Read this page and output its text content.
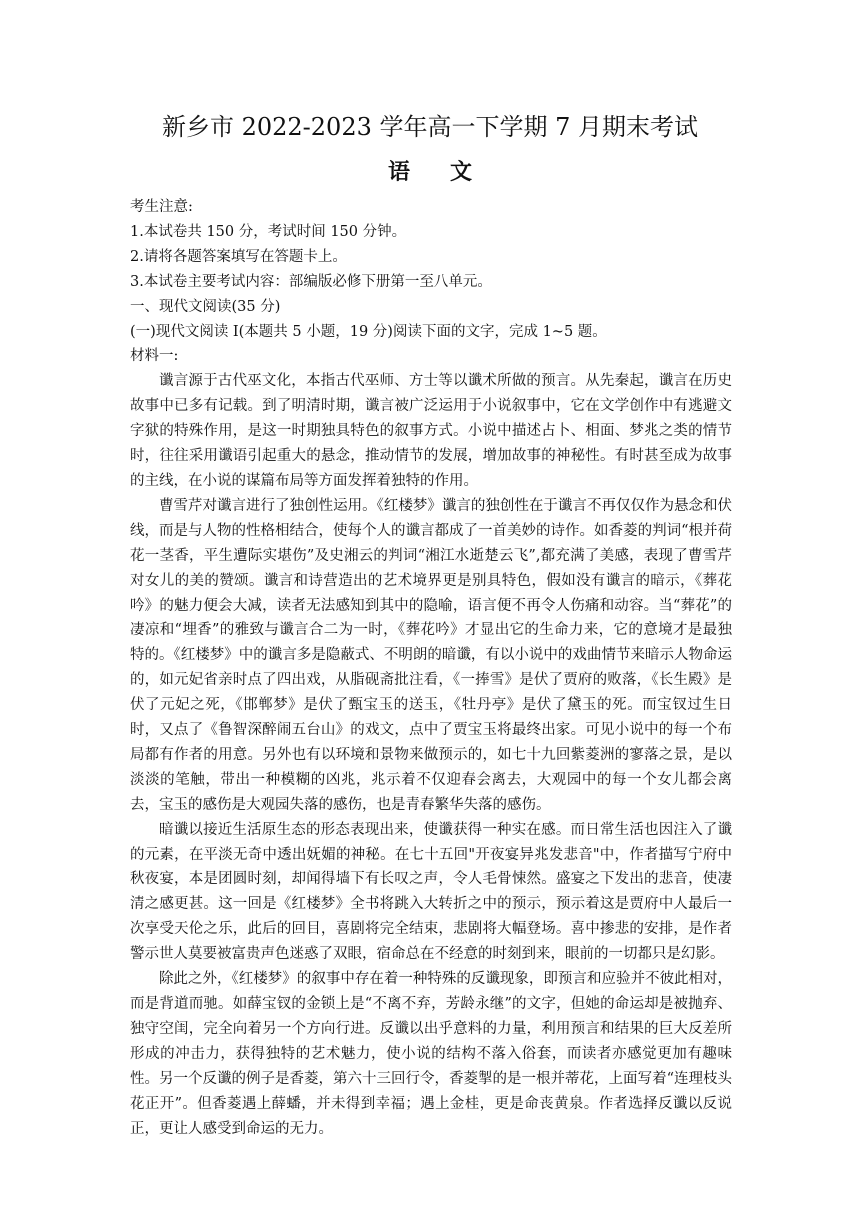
新乡市 2022-2023 学年高一下学期 7 月期末考试
语文

考生注意:

1.本试卷共 150 分，考试时间 150 分钟。

2.请将各题答案填写在答题卡上。

3.本试卷主要考试内容：部编版必修下册第一至八单元。

一、现代文阅读(35 分)

(一)现代文阅读 I(本题共 5 小题，19 分)阅读下面的文字，完成 1~5 题。

材料一:

谶言源于古代巫文化，本指古代巫师、方士等以谶术所做的预言。从先秦起，谶言在历史故事中已多有记载。到了明清时期，谶言被广泛运用于小说叙事中，它在文学创作中有逃避文字狱的特殊作用，是这一时期独具特色的叙事方式。小说中描述占卜、相面、梦兆之类的情节时，往往采用谶语引起重大的悬念，推动情节的发展，增加故事的神秘性。有时甚至成为故事的主线，在小说的谋篇布局等方面发挥着独特的作用。

曹雪芹对谶言进行了独创性运用。《红楼梦》谶言的独创性在于谶言不再仅仅作为悬念和伏线，而是与人物的性格相结合，使每个人的谶言都成了一首美妙的诗作。如香菱的判词“根并荷花一茎香，平生遭际实堪伤”及史湘云的判词“湘江水逝楚云飞”,都充满了美感，表现了曹雪芹对女儿的美的赞颂。谶言和诗营造出的艺术境界更是别具特色，假如没有谶言的暗示，《葬花吟》的魅力便会大减，读者无法感知到其中的隐喻，语言便不再令人伤痛和动容。当“葬花”的凄凉和“埋香”的雅致与谶言合二为一时，《葬花吟》才显出它的生命力来，它的意境才是最独特的。《红楼梦》中的谶言多是隐蔽式、不明朗的暗谶，有以小说中的戏曲情节来暗示人物命运的，如元妃省亲时点了四出戏，从脂砚斋批注看，《一捧雪》是伏了贾府的败落，《长生殿》是伏了元妃之死，《邯郸梦》是伏了甄宝玉的送玉，《牡丹亭》是伏了黛玉的死。而宝钗过生日时，又点了《鲁智深醉闹五台山》的戏文，点中了贾宝玉将最终出家。可见小说中的每一个布局都有作者的用意。另外也有以环境和景物来做预示的，如七十九回紫菱洲的寥落之景，是以淡淡的笔触，带出一种模糊的凶兆，兆示着不仅迎春会离去，大观园中的每一个女儿都会离去，宝玉的感伤是大观园失落的感伤，也是青春繁华失落的感伤。

暗谶以接近生活原生态的形态表现出来，使谶获得一种实在感。而日常生活也因注入了谶的元素，在平淡无奇中透出妩媚的神秘。在七十五回"开夜宴异兆发悲音"中，作者描写宁府中秋夜宴，本是团圆时刻，却闻得墙下有长叹之声，令人毛骨悚然。盛宴之下发出的悲音，使凄清之感更甚。这一回是《红楼梦》全书将跳入大转折之中的预示，预示着这是贾府中人最后一次享受天伦之乐，此后的回目，喜剧将完全结束，悲剧将大幅登场。喜中掺悲的安排，是作者警示世人莫要被富贵声色迷惑了双眼，宿命总在不经意的时刻到来，眼前的一切都只是幻影。

除此之外，《红楼梦》的叙事中存在着一种特殊的反谶现象，即预言和应验并不彼此相对，而是背道而驰。如薛宝钗的金锁上是“不离不弃，芳龄永继”的文字，但她的命运却是被抛弃、独守空闺，完全向着另一个方向行进。反谶以出乎意料的力量，利用预言和结果的巨大反差所形成的冲击力，获得独特的艺术魅力，使小说的结构不落入俗套，而读者亦感觉更加有趣味性。另一个反谶的例子是香菱，第六十三回行令，香菱掣的是一根并蒂花，上面写着“连理枝头花正开”。但香菱遇上薛蟠，并未得到幸福；遇上金桂，更是命丧黄泉。作者选择反谶以反说正，更让人感受到命运的无力。
